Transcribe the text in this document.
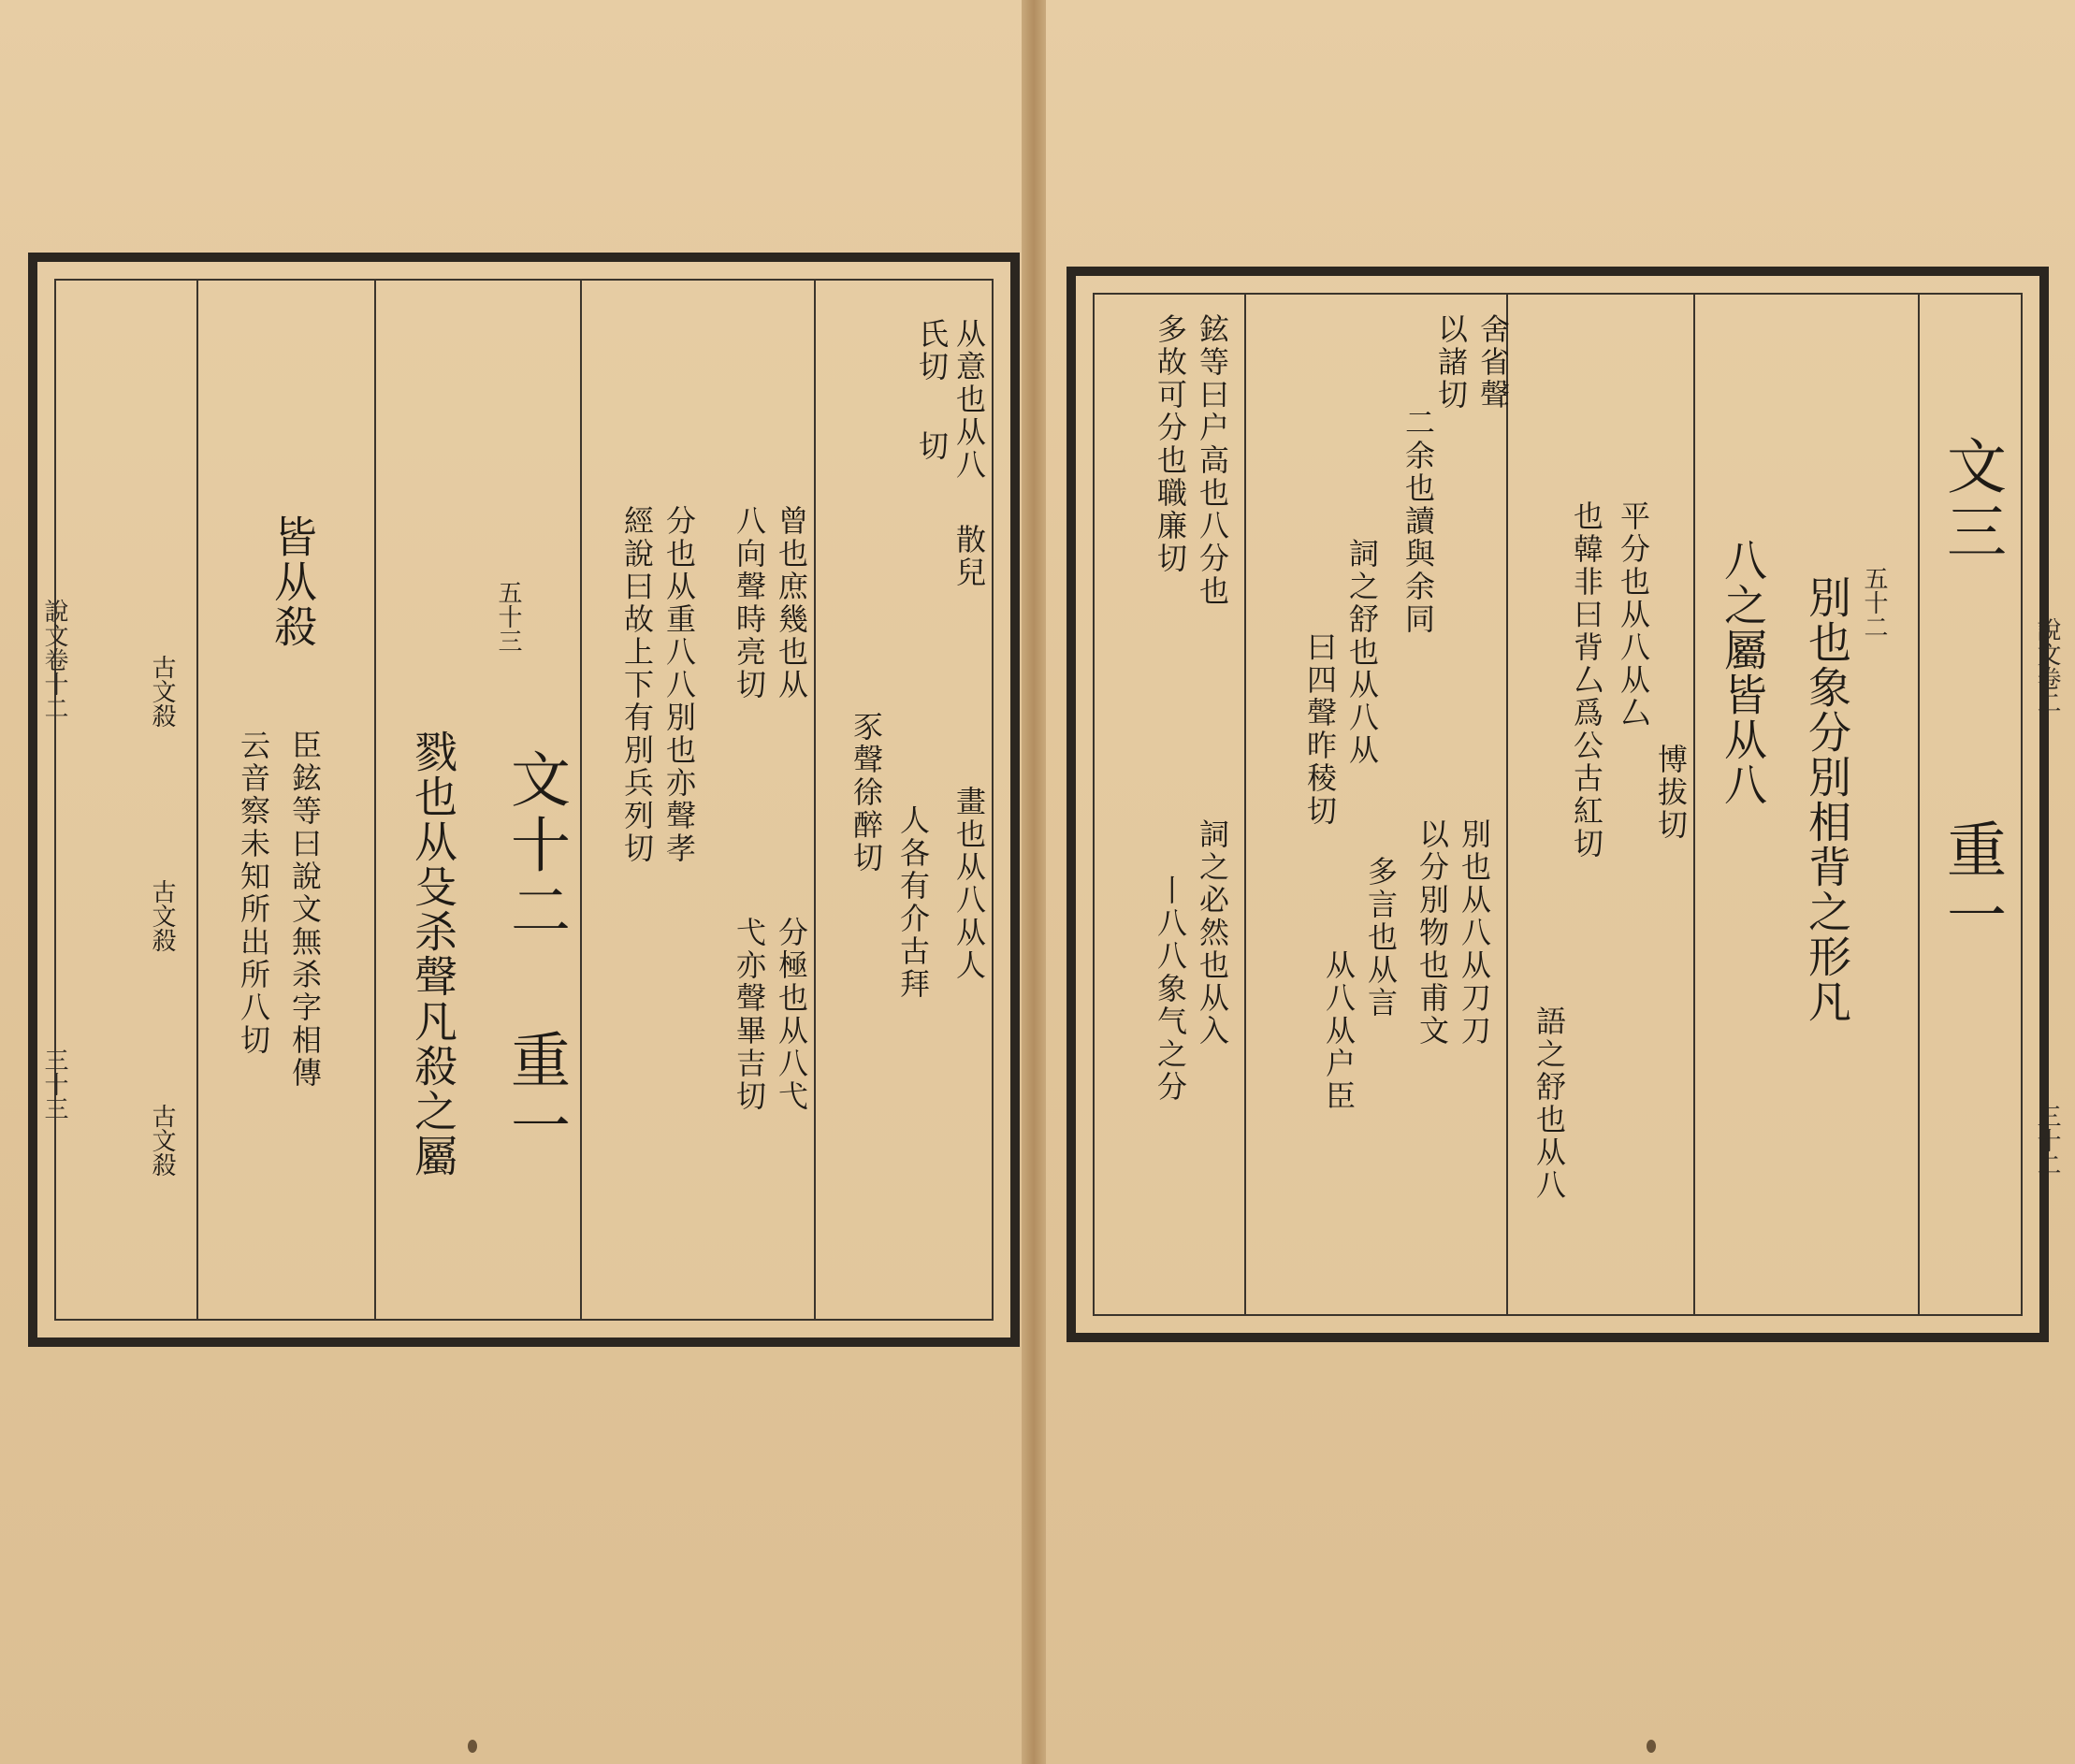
从意也从八
氏切
散兒
切
畫也从八从人
人各有介古拜
豕聲徐醉切
曾也庶幾也从
八向聲時亮切
分極也从八弋
弋亦聲畢吉切
分也从重八八別也亦聲孝
經說曰故上下有別兵列切
五十三
文十二
重一
戮也从殳杀聲凡殺之屬
皆从殺
臣鉉等曰說文無杀字相傳
云音察未知所出所八切
古文殺
古文殺
古文殺
說文卷十二
三十三
文三
重一
五十二
別也象分別相背之形凡
八之屬皆从八
博拔切
平分也从八从厶
也韓非曰背厶爲公古紅切
語之舒也从八
別也从八从刀刀
以分別物也甫文
舍省聲
以諸切
二余也讀與余同
詞之舒也从八从
曰四聲昨稜切
多言也从言
从八从户臣
鉉等曰户高也八分也
多故可分也職廉切
詞之必然也从入
丨八八象气之分
說文卷二
三十二
